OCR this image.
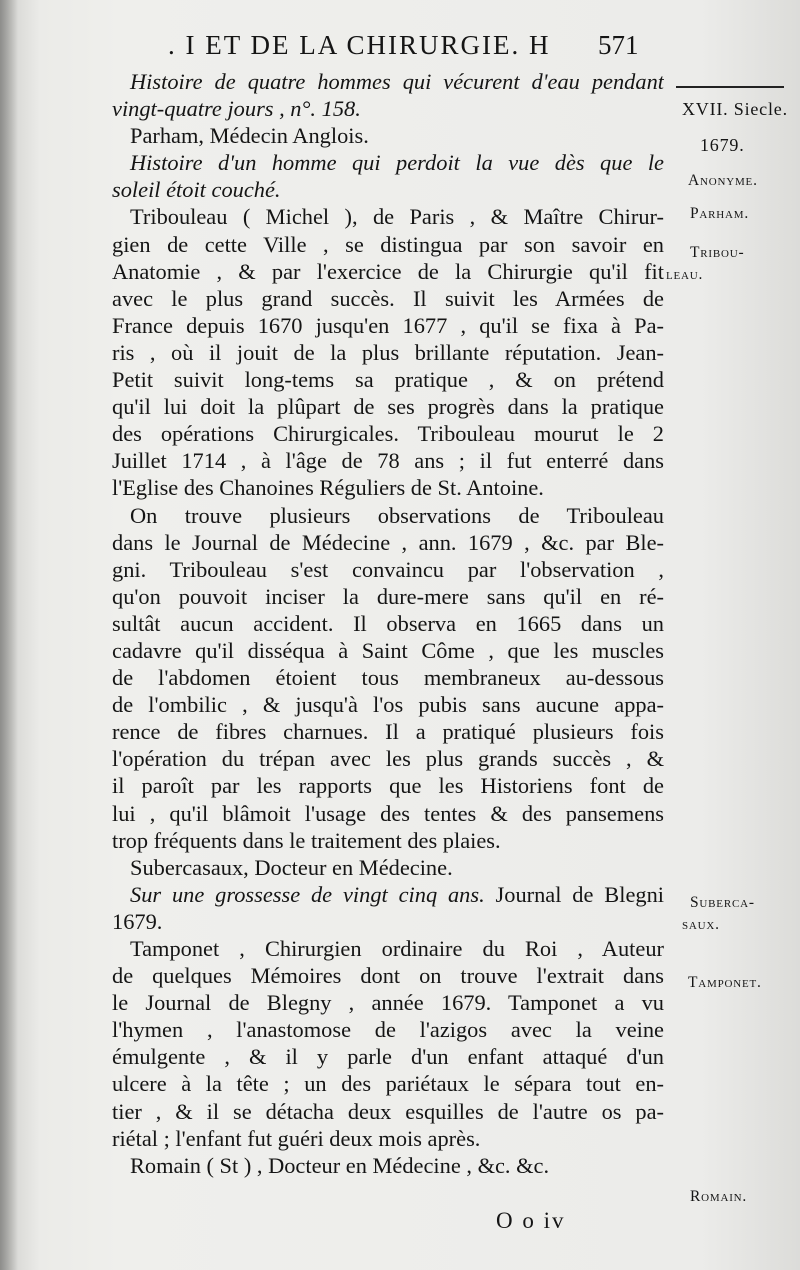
. I ET DE LA CHIRURGIE. H 571
Histoire de quatre hommes qui vécurent d'eau pendant
vingt-quatre jours , n°. 158.
Parham, Médecin Anglois.
Histoire d'un homme qui perdoit la vue dès que le
soleil étoit couché.
Tribouleau ( Michel ), de Paris , & Maître Chirur-
gien de cette Ville , se distingua par son savoir en
Anatomie , & par l'exercice de la Chirurgie qu'il fit
avec le plus grand succès. Il suivit les Armées de
France depuis 1670 jusqu'en 1677 , qu'il se fixa à Pa-
ris , où il jouit de la plus brillante réputation. Jean-
Petit suivit long-tems sa pratique , & on prétend
qu'il lui doit la plûpart de ses progrès dans la pratique
des opérations Chirurgicales. Tribouleau mourut le 2
Juillet 1714 , à l'âge de 78 ans ; il fut enterré dans
l'Eglise des Chanoines Réguliers de St. Antoine.
On trouve plusieurs observations de Tribouleau
dans le Journal de Médecine , ann. 1679 , &c. par Ble-
gni. Tribouleau s'est convaincu par l'observation ,
qu'on pouvoit inciser la dure-mere sans qu'il en ré-
sultât aucun accident. Il observa en 1665 dans un
cadavre qu'il disséqua à Saint Côme , que les muscles
de l'abdomen étoient tous membraneux au-dessous
de l'ombilic , & jusqu'à l'os pubis sans aucune appa-
rence de fibres charnues. Il a pratiqué plusieurs fois
l'opération du trépan avec les plus grands succès , &
il paroît par les rapports que les Historiens font de
lui , qu'il blâmoit l'usage des tentes & des pansemens
trop fréquents dans le traitement des plaies.
Subercasaux, Docteur en Médecine.
Sur une grossesse de vingt cinq ans. Journal de Blegni
1679.
Tamponet , Chirurgien ordinaire du Roi , Auteur
de quelques Mémoires dont on trouve l'extrait dans
le Journal de Blegny , année 1679. Tamponet a vu
l'hymen , l'anastomose de l'azigos avec la veine
émulgente , & il y parle d'un enfant attaqué d'un
ulcere à la tête ; un des pariétaux le sépara tout en-
tier , & il se détacha deux esquilles de l'autre os pa-
riétal ; l'enfant fut guéri deux mois après.
Romain ( St ) , Docteur en Médecine , &c. &c.
XVII. Siecle.
1679.
Anonyme.
Parham.
Tribou-
leau.
Suberca-
saux.
Tamponet.
Romain.
O o iv
